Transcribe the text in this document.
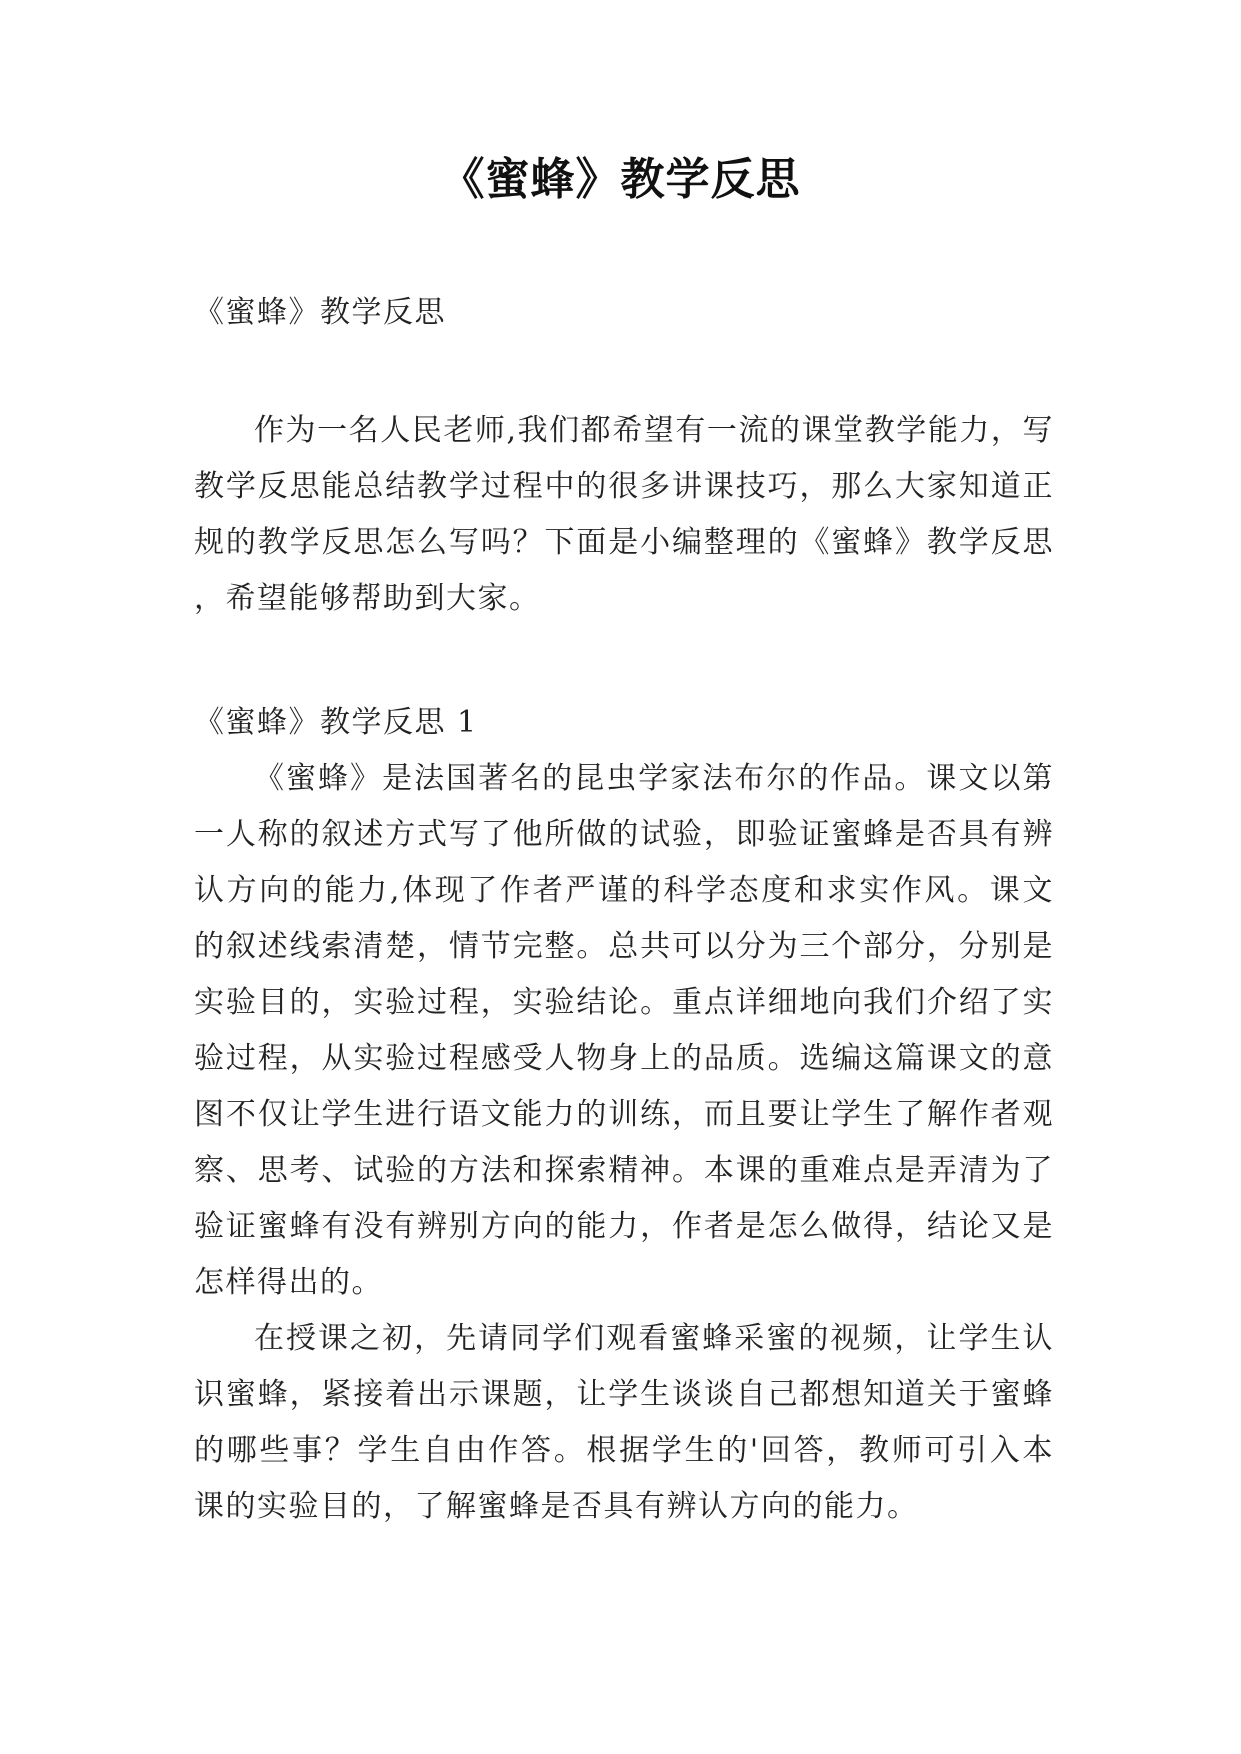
《蜜蜂》教学反思
《蜜蜂》教学反思

作为一名人民老师,我们都希望有一流的课堂教学能力，写教学反思能总结教学过程中的很多讲课技巧，那么大家知道正规的教学反思怎么写吗？下面是小编整理的《蜜蜂》教学反思 ，希望能够帮助到大家。

《蜜蜂》教学反思 1

《蜜蜂》是法国著名的昆虫学家法布尔的作品。课文以第一人称的叙述方式写了他所做的试验，即验证蜜蜂是否具有辨认方向的能力,体现了作者严谨的科学态度和求实作风。课文的叙述线索清楚，情节完整。总共可以分为三个部分，分别是实验目的，实验过程，实验结论。重点详细地向我们介绍了实验过程，从实验过程感受人物身上的品质。选编这篇课文的意图不仅让学生进行语文能力的训练，而且要让学生了解作者观察、思考、试验的方法和探索精神。本课的重难点是弄清为了验证蜜蜂有没有辨别方向的能力，作者是怎么做得，结论又是怎样得出的。

在授课之初，先请同学们观看蜜蜂采蜜的视频，让学生认识蜜蜂，紧接着出示课题，让学生谈谈自己都想知道关于蜜蜂的哪些事？学生自由作答。根据学生的'回答，教师可引入本课的实验目的，了解蜜蜂是否具有辨认方向的能力。
